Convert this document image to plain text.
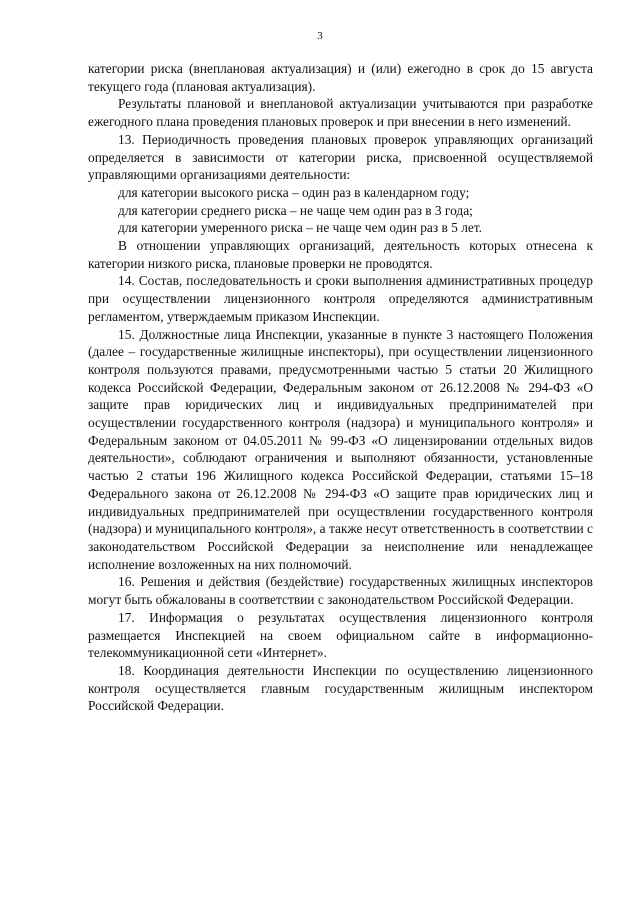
3

категории риска (внеплановая актуализация) и (или) ежегодно в срок до 15 августа текущего года (плановая актуализация).

Результаты плановой и внеплановой актуализации учитываются при разработке ежегодного плана проведения плановых проверок и при внесении в него изменений.

13. Периодичность проведения плановых проверок управляющих организаций определяется в зависимости от категории риска, присвоенной осуществляемой управляющими организациями деятельности:

для категории высокого риска – один раз в календарном году;

для категории среднего риска – не чаще чем один раз в 3 года;

для категории умеренного риска – не чаще чем один раз в 5 лет.

В отношении управляющих организаций, деятельность которых отнесена к категории низкого риска, плановые проверки не проводятся.

14. Состав, последовательность и сроки выполнения административных процедур при осуществлении лицензионного контроля определяются административным регламентом, утверждаемым приказом Инспекции.

15. Должностные лица Инспекции, указанные в пункте 3 настоящего Положения (далее – государственные жилищные инспекторы), при осуществлении лицензионного контроля пользуются правами, предусмотренными частью 5 статьи 20 Жилищного кодекса Российской Федерации, Федеральным законом от 26.12.2008 № 294-ФЗ «О защите прав юридических лиц и индивидуальных предпринимателей при осуществлении государственного контроля (надзора) и муниципального контроля» и Федеральным законом от 04.05.2011 № 99-ФЗ «О лицензировании отдельных видов деятельности», соблюдают ограничения и выполняют обязанности, установленные частью 2 статьи 196 Жилищного кодекса Российской Федерации, статьями 15–18 Федерального закона от 26.12.2008 № 294-ФЗ «О защите прав юридических лиц и индивидуальных предпринимателей при осуществлении государственного контроля (надзора) и муниципального контроля», а также несут ответственность в соответствии с законодательством Российской Федерации за неисполнение или ненадлежащее исполнение возложенных на них полномочий.

16. Решения и действия (бездействие) государственных жилищных инспекторов могут быть обжалованы в соответствии с законодательством Российской Федерации.

17. Информация о результатах осуществления лицензионного контроля размещается Инспекцией на своем официальном сайте в информационно-телекоммуникационной сети «Интернет».

18. Координация деятельности Инспекции по осуществлению лицензионного контроля осуществляется главным государственным жилищным инспектором Российской Федерации.
